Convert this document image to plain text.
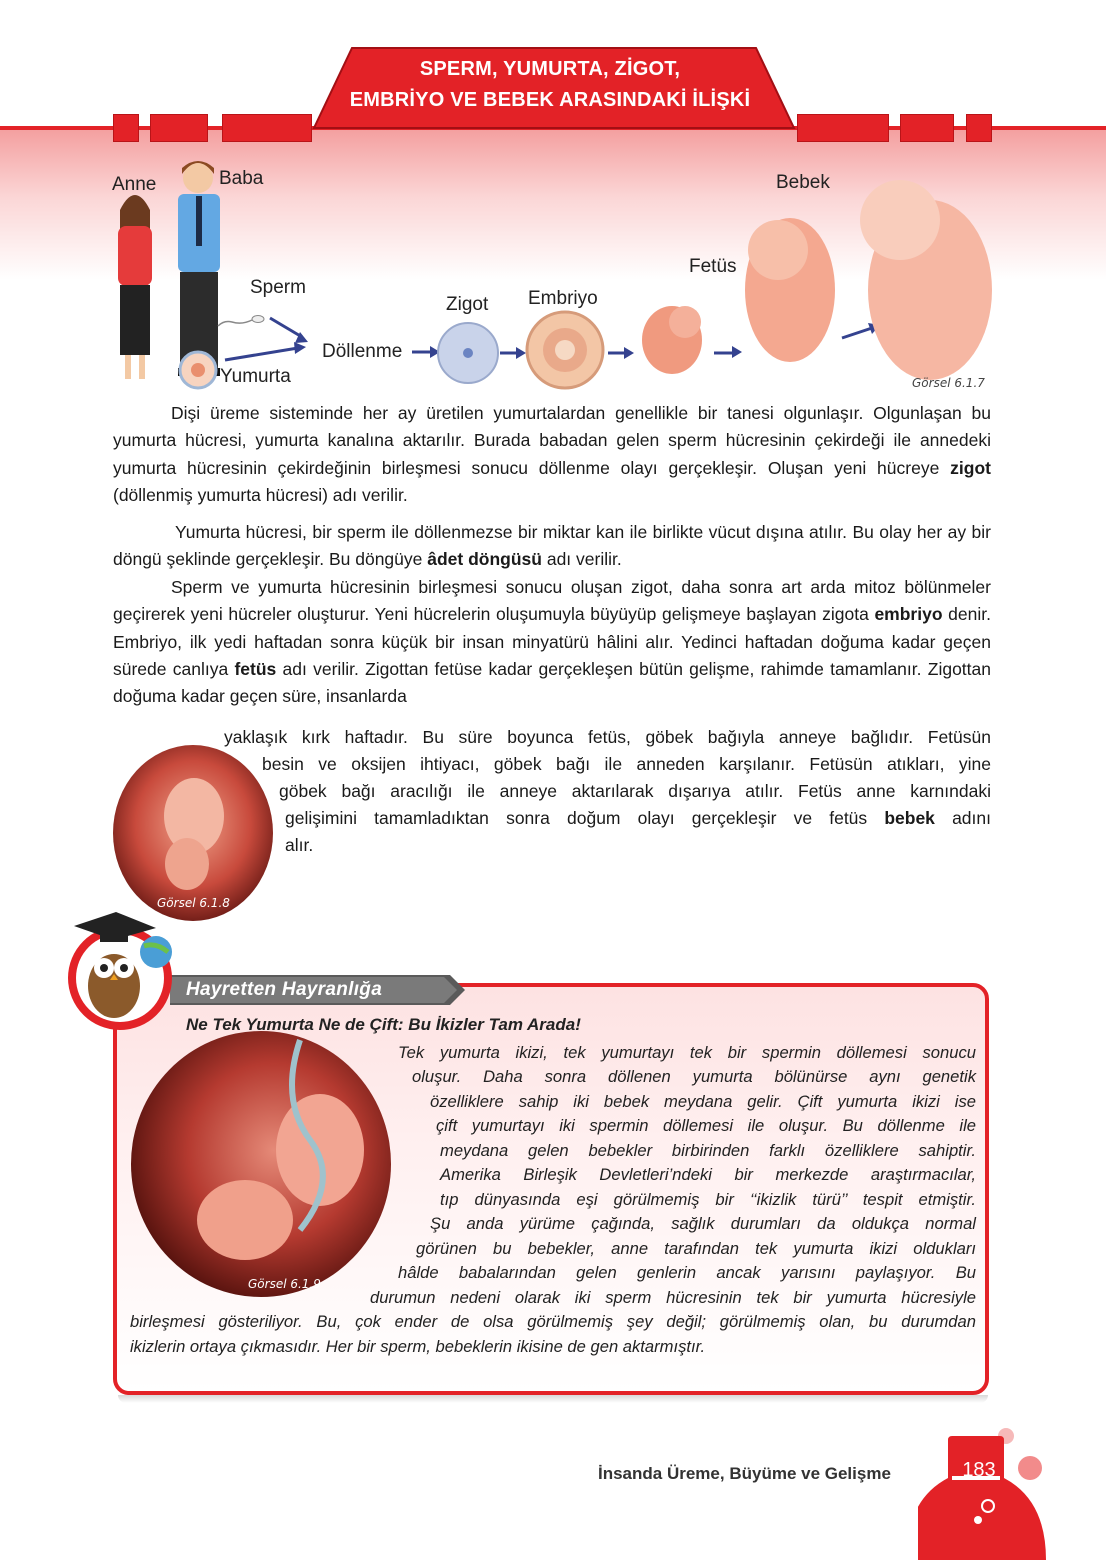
SPERM, YUMURTA, ZİGOT,
EMBRİYO VE BEBEK ARASINDAKİ İLİŞKİ
Anne	Baba
Sperm
Yumurta
Döllenme
Zigot Embriyo
Fetüs
Bebek
Görsel 6.1.7
Dişi üreme sisteminde her ay üretilen yumurtalardan genellikle bir tanesi olgunlaşır. Olgunlaşan bu yumurta hücresi, yumurta kanalına aktarılır. Burada babadan gelen sperm hücresinin çekirdeği ile annedeki yumurta hücresinin çekirdeğinin birleşmesi sonucu döllenme olayı gerçekleşir. Oluşan yeni hücreye zigot (döllenmiş yumurta hücresi) adı verilir.
Yumurta hücresi, bir sperm ile döllenmezse bir miktar kan ile birlikte vücut dışına atılır. Bu olay her ay bir döngü şeklinde gerçekleşir. Bu döngüye âdet döngüsü adı verilir.
Sperm ve yumurta hücresinin birleşmesi sonucu oluşan zigot, daha sonra art arda mitoz bölünmeler geçirerek yeni hücreler oluşturur. Yeni hücrelerin oluşumuyla büyüyüp gelişmeye başlayan zigota embriyo denir. Embriyo, ilk yedi haftadan sonra küçük bir insan minyatürü hâlini alır. Yedinci haftadan doğuma kadar geçen sürede canlıya fetüs adı verilir. Zigottan fetüse kadar gerçekleşen bütün gelişme, rahimde tamamlanır. Zigottan doğuma kadar geçen süre, insanlarda
yaklaşık kırk haftadır. Bu süre boyunca fetüs, göbek bağıyla anneye bağlıdır. Fetüsün
besin ve oksijen ihtiyacı, göbek bağı ile anneden karşılanır. Fetüsün atıkları, yine
göbek bağı aracılığı ile anneye aktarılarak dışarıya atılır. Fetüs anne karnındaki
gelişimini tamamladıktan sonra doğum olayı gerçekleşir ve fetüs bebek adını
alır.
Görsel 6.1.8
Hayretten Hayranlığa
Ne Tek Yumurta Ne de Çift: Bu İkizler Tam Arada!
Görsel 6.1.9
Tek yumurta ikizi, tek yumurtayı tek bir spermin döllemesi sonucu
oluşur. Daha sonra döllenen yumurta bölünürse aynı genetik
özelliklere sahip iki bebek meydana gelir. Çift yumurta ikizi ise
çift yumurtayı iki spermin döllemesi ile oluşur. Bu döllenme ile
meydana gelen bebekler birbirinden farklı özelliklere sahiptir.
Amerika Birleşik Devletleri’ndeki bir merkezde araştırmacılar,
tıp dünyasında eşi görülmemiş bir ‘‘ikizlik türü’’ tespit etmiştir.
Şu anda yürüme çağında, sağlık durumları da oldukça normal
görünen bu bebekler, anne tarafından tek yumurta ikizi oldukları
hâlde babalarından gelen genlerin ancak yarısını paylaşıyor. Bu
durumun nedeni olarak iki sperm hücresinin tek bir yumurta hücresiyle
birleşmesi gösteriliyor. Bu, çok ender de olsa görülmemiş şey değil; görülmemiş olan, bu durumdan
ikizlerin ortaya çıkmasıdır. Her bir sperm, bebeklerin ikisine de gen aktarmıştır.
İnsanda Üreme, Büyüme ve Gelişme	183
